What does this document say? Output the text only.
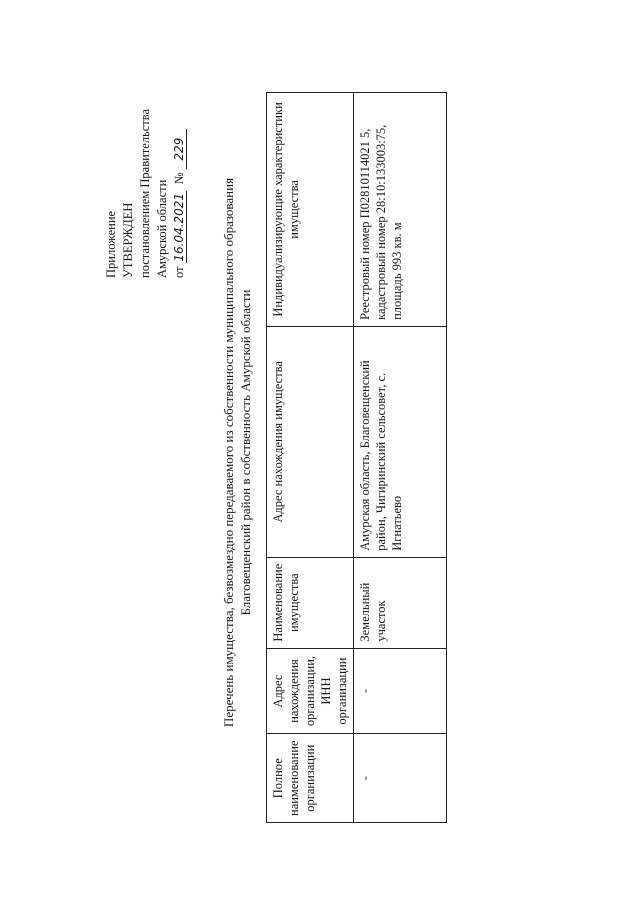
Приложение УТВЕРЖДЕН постановлением Правительства Амурской области от 16.04.2021 № 229
Перечень имущества, безвозмездно передаваемого из собственности муниципального образования Благовещенский район в собственность Амурской области
Полное наименование организации	Адрес нахождения организации, ИНН организации	Наименование имущества	Адрес нахождения имущества	Индивидуализирующие характеристики имущества
-	-	Земельный участок	Амурская область, Благовещенский район, Чигиринский сельсовет, с. Игнатьево	Реестровый номер П02810114021 5, кадастровый номер 28:10:133003:75, площадь 993 кв. м
